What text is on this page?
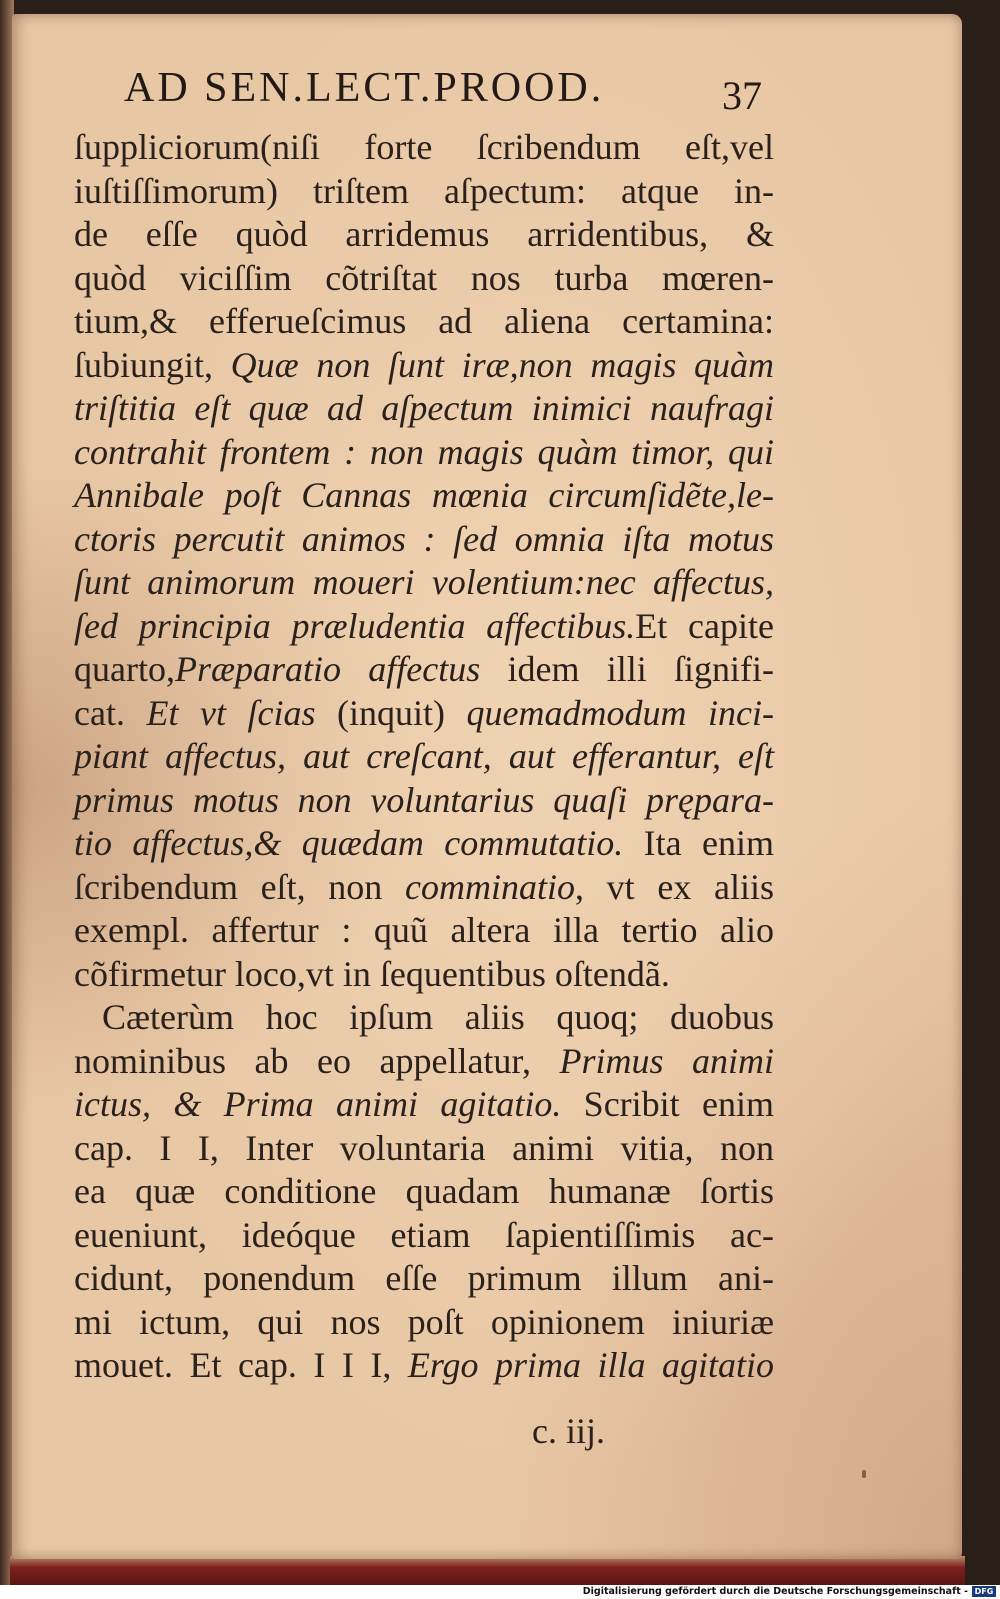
AD SEN.LECT.PROOD.	37
ſuppliciorum(niſi forte ſcribendum eſt,vel
iuſtiſſimorum) triſtem aſpectum: atque in-
de eſſe quòd arridemus arridentibus, &
quòd viciſſim cõtriſtat nos turba mœren-
tium,& efferueſcimus ad aliena certamina:
ſubiungit, Quæ non ſunt iræ,non magis quàm
triſtitia eſt quæ ad aſpectum inimici naufragi
contrahit frontem : non magis quàm timor, qui
Annibale poſt Cannas mœnia circumſidẽte,le-
ctoris percutit animos : ſed omnia iſta motus
ſunt animorum moueri volentium:nec affectus,
ſed principia præludentia affectibus.Et capite
quarto,Præparatio affectus idem illi ſignifi-
cat. Et vt ſcias (inquit) quemadmodum inci-
piant affectus, aut creſcant, aut efferantur, eſt
primus motus non voluntarius quaſi prępara-
tio affectus,& quædam commutatio. Ita enim
ſcribendum eſt, non comminatio, vt ex aliis
exempl. affertur : quũ altera illa tertio alio
cõfirmetur loco,vt in ſequentibus oſtendã.
Cæterùm hoc ipſum aliis quoq; duobus
nominibus ab eo appellatur, Primus animi
ictus, & Prima animi agitatio. Scribit enim
cap. I I, Inter voluntaria animi vitia, non
ea quæ conditione quadam humanæ ſortis
eueniunt, ideóque etiam ſapientiſſimis ac-
cidunt, ponendum eſſe primum illum ani-
mi ictum, qui nos poſt opinionem iniuriæ
mouet. Et cap. I I I, Ergo prima illa agitatio
c. iij.
Digitalisierung gefördert durch die Deutsche Forschungsgemeinschaft - DFG
